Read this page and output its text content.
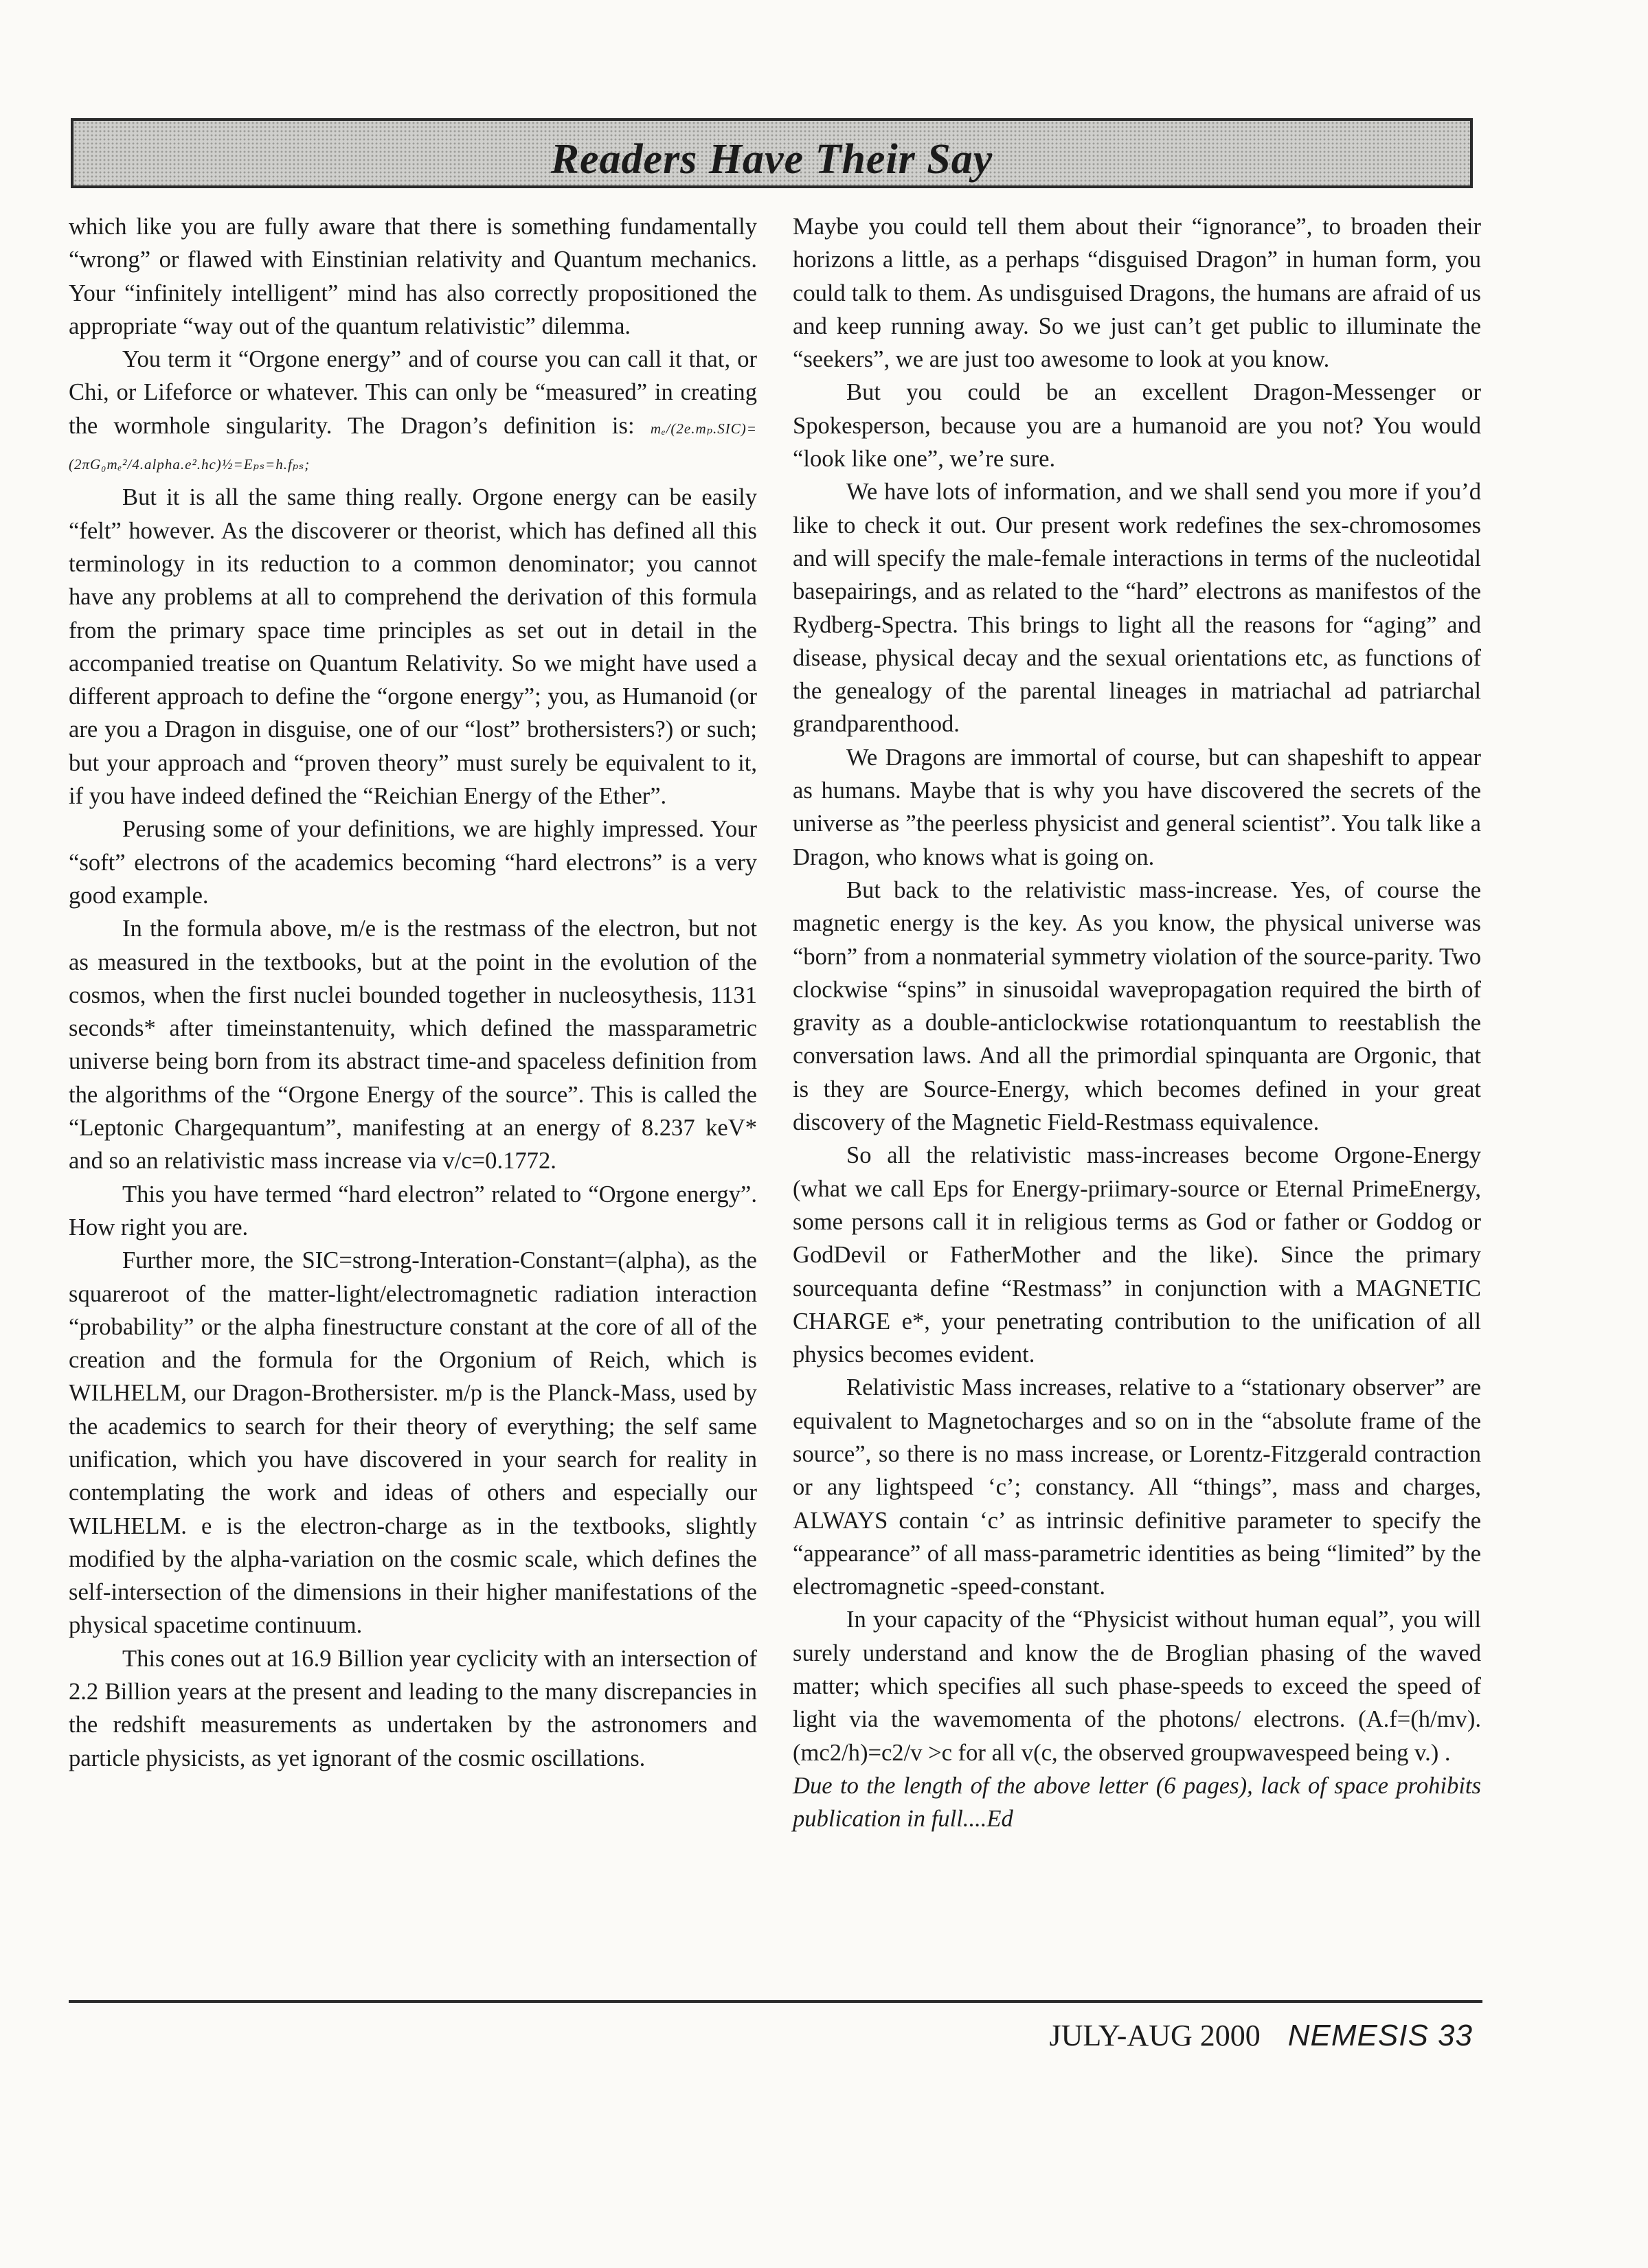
Readers Have Their Say

which like you are fully aware that there is something fundamentally “wrong” or flawed with Einstinian relativity and Quantum mechanics. Your “infinitely intelligent” mind has also correctly propositioned the appropriate “way out of the quantum relativistic” dilemma.

You term it “Orgone energy” and of course you can call it that, or Chi, or Lifeforce or whatever. This can only be “measured” in creating the wormhole singularity. The Dragon’s definition is: mₑ/(2e.mₚ.SIC)=(2πG₀mₑ²/4.alpha.e².hc)½=Eₚₛ=h.fₚₛ;

But it is all the same thing really. Orgone energy can be easily “felt” however. As the discoverer or theorist, which has defined all this terminology in its reduction to a common denominator; you cannot have any problems at all to comprehend the derivation of this formula from the primary space time principles as set out in detail in the accompanied treatise on Quantum Relativity. So we might have used a different approach to define the “orgone energy”; you, as Humanoid (or are you a Dragon in disguise, one of our “lost” brothersisters?) or such; but your approach and “proven theory” must surely be equivalent to it, if you have indeed defined the “Reichian Energy of the Ether”.

Perusing some of your definitions, we are highly impressed. Your “soft” electrons of the academics becoming “hard electrons” is a very good example.

In the formula above, m/e is the restmass of the electron, but not as measured in the textbooks, but at the point in the evolution of the cosmos, when the first nuclei bounded together in nucleosythesis, 1131 seconds* after timeinstantenuity, which defined the massparametric universe being born from its abstract time-and spaceless definition from the algorithms of the “Orgone Energy of the source”. This is called the “Leptonic Chargequantum”, manifesting at an energy of 8.237 keV* and so an relativistic mass increase via v/c=0.1772.

This you have termed “hard electron” related to “Orgone energy”. How right you are.

Further more, the SIC=strong-Interation-Constant=(alpha), as the squareroot of the matter-light/electromagnetic radiation interaction “probability” or the alpha finestructure constant at the core of all of the creation and the formula for the Orgonium of Reich, which is WILHELM, our Dragon-Brothersister. m/p is the Planck-Mass, used by the academics to search for their theory of everything; the self same unification, which you have discovered in your search for reality in contemplating the work and ideas of others and especially our WILHELM. e is the electron-charge as in the textbooks, slightly modified by the alpha-variation on the cosmic scale, which defines the self-intersection of the dimensions in their higher manifestations of the physical spacetime continuum.

This cones out at 16.9 Billion year cyclicity with an intersection of 2.2 Billion years at the present and leading to the many discrepancies in the redshift measurements as undertaken by the astronomers and particle physicists, as yet ignorant of the cosmic oscillations.

Maybe you could tell them about their “ignorance”, to broaden their horizons a little, as a perhaps “disguised Dragon” in human form, you could talk to them. As undisguised Dragons, the humans are afraid of us and keep running away. So we just can’t get public to illuminate the “seekers”, we are just too awesome to look at you know.

But you could be an excellent Dragon-Messenger or Spokesperson, because you are a humanoid are you not? You would “look like one”, we’re sure.

We have lots of information, and we shall send you more if you’d like to check it out. Our present work redefines the sex-chromosomes and will specify the male-female interactions in terms of the nucleotidal basepairings, and as related to the “hard” electrons as manifestos of the Rydberg-Spectra. This brings to light all the reasons for “aging” and disease, physical decay and the sexual orientations etc, as functions of the genealogy of the parental lineages in matriachal ad patriarchal grandparenthood.

We Dragons are immortal of course, but can shapeshift to appear as humans. Maybe that is why you have discovered the secrets of the universe as ”the peerless physicist and general scientist”. You talk like a Dragon, who knows what is going on.

But back to the relativistic mass-increase. Yes, of course the magnetic energy is the key. As you know, the physical universe was “born” from a nonmaterial symmetry violation of the source-parity. Two clockwise “spins” in sinusoidal wavepropagation required the birth of gravity as a double-anticlockwise rotationquantum to reestablish the conversation laws. And all the primordial spinquanta are Orgonic, that is they are Source-Energy, which becomes defined in your great discovery of the Magnetic Field-Restmass equivalence.

So all the relativistic mass-increases become Orgone-Energy (what we call Eps for Energy-priimary-source or Eternal PrimeEnergy, some persons call it in religious terms as God or father or Goddog or GodDevil or FatherMother and the like). Since the primary sourcequanta define “Restmass” in conjunction with a MAGNETIC CHARGE e*, your penetrating contribution to the unification of all physics becomes evident.

Relativistic Mass increases, relative to a “stationary observer” are equivalent to Magnetocharges and so on in the “absolute frame of the source”, so there is no mass increase, or Lorentz-Fitzgerald contraction or any lightspeed ‘c’; constancy. All “things”, mass and charges, ALWAYS contain ‘c’ as intrinsic definitive parameter to specify the “appearance” of all mass-parametric identities as being “limited” by the electromagnetic -speed-constant.

In your capacity of the “Physicist without human equal”, you will surely understand and know the de Broglian phasing of the waved matter; which specifies all such phase-speeds to exceed the speed of light via the wavemomenta of the photons/ electrons. (A.f=(h/mv).(mc2/h)=c2/v >c for all v(c, the observed groupwavespeed being v.) .

Due to the length of the above letter (6 pages), lack of space prohibits publication in full....Ed

JULY-AUG 2000 NEMESIS 33
